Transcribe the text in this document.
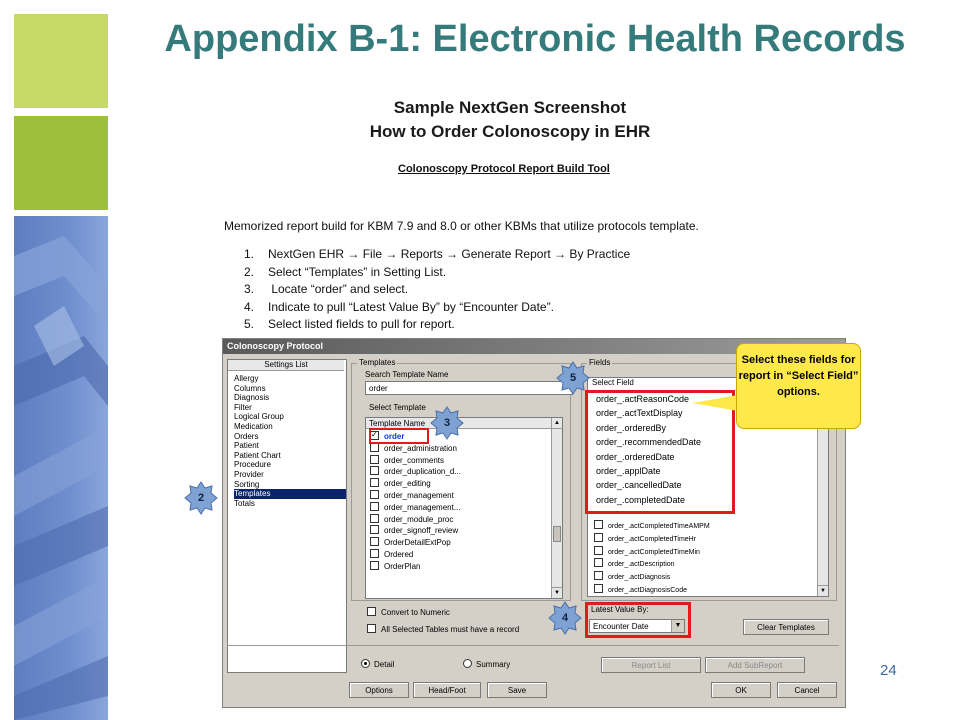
Appendix B-1: Electronic Health Records
Sample NextGen Screenshot
How to Order Colonoscopy in EHR
Colonoscopy Protocol Report Build Tool
Memorized report build for KBM 7.9 and 8.0 or other KBMs that utilize protocols template.
1. NextGen EHR → File → Reports → Generate Report → By Practice
2. Select “Templates” in Setting List.
3. Locate “order” and select.
4. Indicate to pull “Latest Value By” by “Encounter Date”.
5. Select listed fields to pull for report.
Colonoscopy Protocol
Settings List
Allergy
Columns
Diagnosis
Filter
Logical Group
Medication
Orders
Patient
Patient Chart
Procedure
Provider
Sorting
Templates
Totals
Templates
Search Template Name
order
Select Template
Template Name
✓order
order_administration
order_comments
order_duplication_d...
order_editing
order_management
order_management...
order_module_proc
order_signoff_review
OrderDetailExtPop
Ordered
OrderPlan
▲
▼
Fields
Select Field
order_.actReasonCode
order_.actTextDisplay
order_.orderedBy
order_.recommendedDate
order_.orderedDate
order_.applDate
order_.cancelledDate
order_.completedDate
order_.actCompletedTimeAMPM
order_.actCompletedTimeHr
order_.actCompletedTimeMin
order_.actDescription
order_.actDiagnosis
order_.actDiagnosisCode	▼
Convert to Numeric
All Selected Tables must have a record
Latest Value By:
Encounter Date	▼	Clear Templates
Detail	Summary	Report List	Add SubReport
Options	Head/Foot	Save	OK	Cancel
Select these fields for report in “Select Field” options.
2
3
4
5
24
